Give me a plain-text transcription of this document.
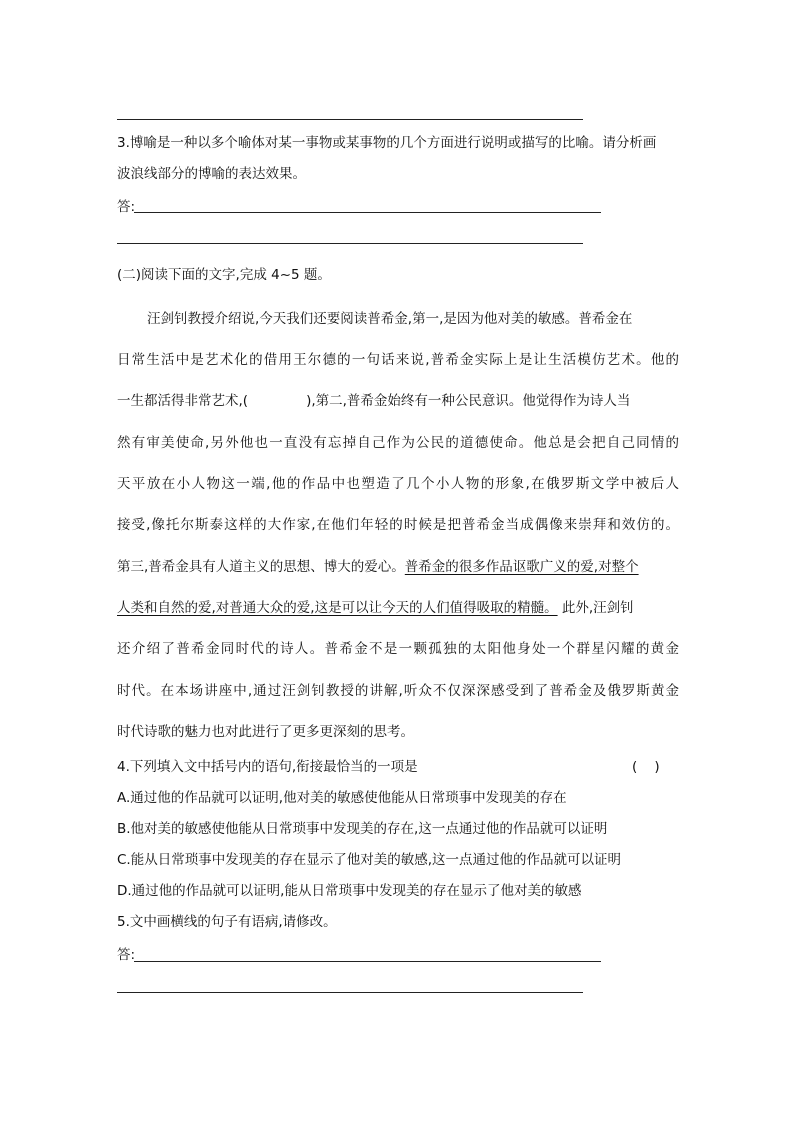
3.博喻是一种以多个喻体对某一事物或某事物的几个方面进行说明或描写的比喻。请分析画
波浪线部分的博喻的表达效果。
答:
(二)阅读下面的文字,完成 4~5 题。
汪剑钊教授介绍说,今天我们还要阅读普希金,第一,是因为他对美的敏感。普希金在
日常生活中是艺术化的借用王尔德的一句话来说,普希金实际上是让生活模仿艺术。他的
一生都活得非常艺术,(	),第二,普希金始终有一种公民意识。他觉得作为诗人当
然有审美使命,另外他也一直没有忘掉自己作为公民的道德使命。他总是会把自己同情的
天平放在小人物这一端,他的作品中也塑造了几个小人物的形象,在俄罗斯文学中被后人
接受,像托尔斯泰这样的大作家,在他们年轻的时候是把普希金当成偶像来崇拜和效仿的。
第三,普希金具有人道主义的思想、博大的爱心。普希金的很多作品讴歌广义的爱,对整个
人类和自然的爱,对普通大众的爱,这是可以让今天的人们值得吸取的精髓。 此外,汪剑钊
还介绍了普希金同时代的诗人。普希金不是一颗孤独的太阳他身处一个群星闪耀的黄金
时代。在本场讲座中,通过汪剑钊教授的讲解,听众不仅深深感受到了普希金及俄罗斯黄金
时代诗歌的魅力也对此进行了更多更深刻的思考。
4.下列填入文中括号内的语句,衔接最恰当的一项是	(    )
A.通过他的作品就可以证明,他对美的敏感使他能从日常琐事中发现美的存在
B.他对美的敏感使他能从日常琐事中发现美的存在,这一点通过他的作品就可以证明
C.能从日常琐事中发现美的存在显示了他对美的敏感,这一点通过他的作品就可以证明
D.通过他的作品就可以证明,能从日常琐事中发现美的存在显示了他对美的敏感
5.文中画横线的句子有语病,请修改。
答:
